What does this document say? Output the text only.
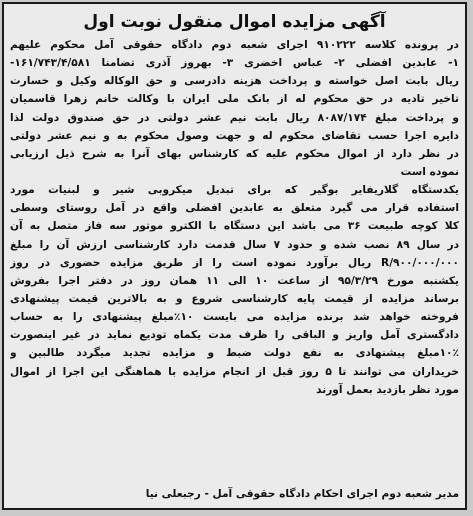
آگهی مزایده اموال منقول نوبت اول
در پرونده کلاسه ۹۱۰۲۲۲ اجرای شعبه دوم دادگاه حقوقی آمل محکوم علیهم
۱- عابدین افضلی ۲- عباس اخضری ۳- بهروز آذری تضامنا ۱۶۱/۷۴۳/۴/۵۸۱-
ریال بابت اصل خواسته و پرداخت هزینه دادرسی و حق الوکاله وکیل و خسارت
تاخیر تادیه در حق محکوم له از بانک ملی ایران با وکالت خانم زهرا قاسمیان
و پرداخت مبلغ ۸۰۸۷/۱۷۴ ریال بابت نیم عشر دولتی در حق صندوق دولت لذا
دایره اجرا حسب تقاضای محکوم له و جهت وصول محکوم به و نیم عشر دولتی
در نظر دارد از اموال محکوم علیه که کارشناس بهای آنرا به شرح ذیل ارزیابی
نموده است
یکدستگاه گلاریفایر بوگیر که برای تبدیل میکروبی شیر و لبنیات مورد
استفاده قرار می گیرد متعلق به عابدین افضلی واقع در آمل روستای وسطی
کلا کوچه طبیعت ۳۶ می باشد این دستگاه با الکترو موتور سه فاز متصل به آن
در سال ۸۹ نصب شده و حدود ۷ سال قدمت دارد کارشناسی ارزش آن را مبلغ
R/۹۰۰/۰۰۰/۰۰۰ ریال برآورد نموده است را از طریق مزایده حضوری در روز
یکشنبه مورخ ۹۵/۳/۲۹ از ساعت ۱۰ الی ۱۱ همان روز در دفتر اجرا بفروش
برساند مزایده از قیمت پایه کارشناسی شروع و به بالاترین قیمت پیشنهادی
فروخته خواهد شد برنده مزایده می بایست ۱۰٪مبلغ پیشنهادی را به حساب
دادگستری آمل واریز و الباقی را ظرف مدت یکماه تودیع نماید در غیر اینصورت
۱۰٪مبلغ پیشنهادی به نفع دولت ضبط و مزایده تجدید میگردد طالبین و
خریداران می توانند تا ۵ روز قبل از انجام مزایده با هماهنگی این اجرا از اموال
مورد نظر بازدید بعمل آورند
مدیر شعبه دوم اجرای احکام دادگاه حقوقی آمل - رجبعلی نیا
